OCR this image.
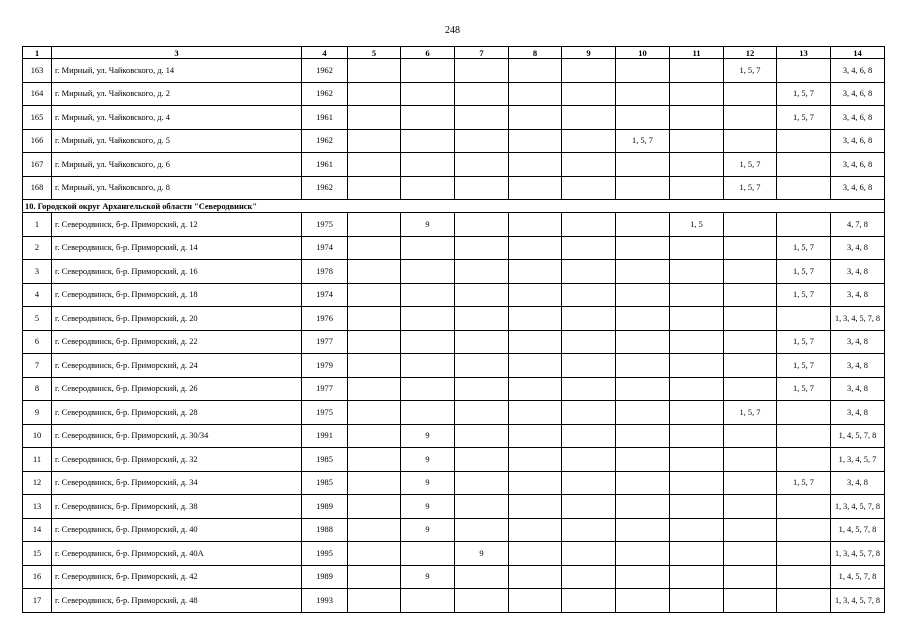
248
1	3	4	5	6	7	8	9	10	11	12	13	14
163	г. Мирный, ул. Чайковского, д. 14	1962								1, 5, 7		3, 4, 6, 8
164	г. Мирный, ул. Чайковского, д. 2	1962									1, 5, 7	3, 4, 6, 8
165	г. Мирный, ул. Чайковского, д. 4	1961									1, 5, 7	3, 4, 6, 8
166	г. Мирный, ул. Чайковского, д. 5	1962						1, 5, 7				3, 4, 6, 8
167	г. Мирный, ул. Чайковского, д. 6	1961								1, 5, 7		3, 4, 6, 8
168	г. Мирный, ул. Чайковского, д. 8	1962								1, 5, 7		3, 4, 6, 8
10. Городской округ Архангельской области "Северодвинск"												
1	г. Северодвинск, б-р. Приморский, д. 12	1975		9					1, 5			4, 7, 8
2	г. Северодвинск, б-р. Приморский, д. 14	1974									1, 5, 7	3, 4, 8
3	г. Северодвинск, б-р. Приморский, д. 16	1978									1, 5, 7	3, 4, 8
4	г. Северодвинск, б-р. Приморский, д. 18	1974									1, 5, 7	3, 4, 8
5	г. Северодвинск, б-р. Приморский, д. 20	1976										1, 3, 4, 5, 7, 8
6	г. Северодвинск, б-р. Приморский, д. 22	1977									1, 5, 7	3, 4, 8
7	г. Северодвинск, б-р. Приморский, д. 24	1979									1, 5, 7	3, 4, 8
8	г. Северодвинск, б-р. Приморский, д. 26	1977									1, 5, 7	3, 4, 8
9	г. Северодвинск, б-р. Приморский, д. 28	1975								1, 5, 7		3, 4, 8
10	г. Северодвинск, б-р. Приморский, д. 30/34	1991		9								1, 4, 5, 7, 8
11	г. Северодвинск, б-р. Приморский, д. 32	1985		9								1, 3, 4, 5, 7
12	г. Северодвинск, б-р. Приморский, д. 34	1985		9							1, 5, 7	3, 4, 8
13	г. Северодвинск, б-р. Приморский, д. 38	1989		9								1, 3, 4, 5, 7, 8
14	г. Северодвинск, б-р. Приморский, д. 40	1988		9								1, 4, 5, 7, 8
15	г. Северодвинск, б-р. Приморский, д. 40А	1995			9							1, 3, 4, 5, 7, 8
16	г. Северодвинск, б-р. Приморский, д. 42	1989		9								1, 4, 5, 7, 8
17	г. Северодвинск, б-р. Приморский, д. 48	1993										1, 3, 4, 5, 7, 8
